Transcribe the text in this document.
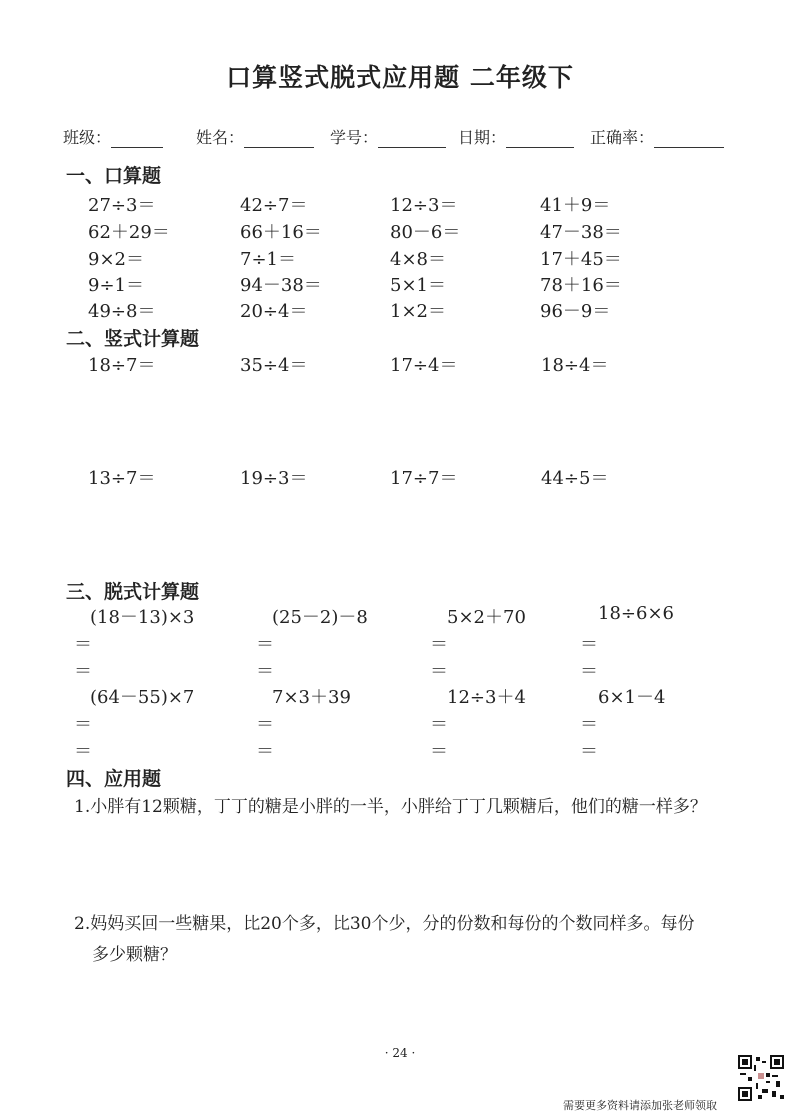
口算竖式脱式应用题 二年级下
班级：	姓名：	学号：	日期：	正确率：
一、口算题
27÷3＝	42÷7＝	12÷3＝	41＋9＝
62＋29＝	66＋16＝	80－6＝	47－38＝
9×2＝	7÷1＝	4×8＝	17＋45＝
9÷1＝	94－38＝	5×1＝	78＋16＝
49÷8＝	20÷4＝	1×2＝	96－9＝
二、竖式计算题
18÷7＝	35÷4＝	17÷4＝	18÷4＝
13÷7＝	19÷3＝	17÷7＝	44÷5＝
三、脱式计算题
(18－13)×3	(25－2)－8	5×2＋70	18÷6×6
＝	＝	＝	＝
＝	＝	＝	＝
(64－55)×7	7×3＋39	12÷3＋4	6×1－4
＝	＝	＝	＝
＝	＝	＝	＝
四、应用题
1.小胖有12颗糖，丁丁的糖是小胖的一半，小胖给丁丁几颗糖后，他们的糖一样多？
2.妈妈买回一些糖果，比20个多，比30个少，分的份数和每份的个数同样多。每份
多少颗糖？
· 24 ·
需要更多资料请添加张老师领取
